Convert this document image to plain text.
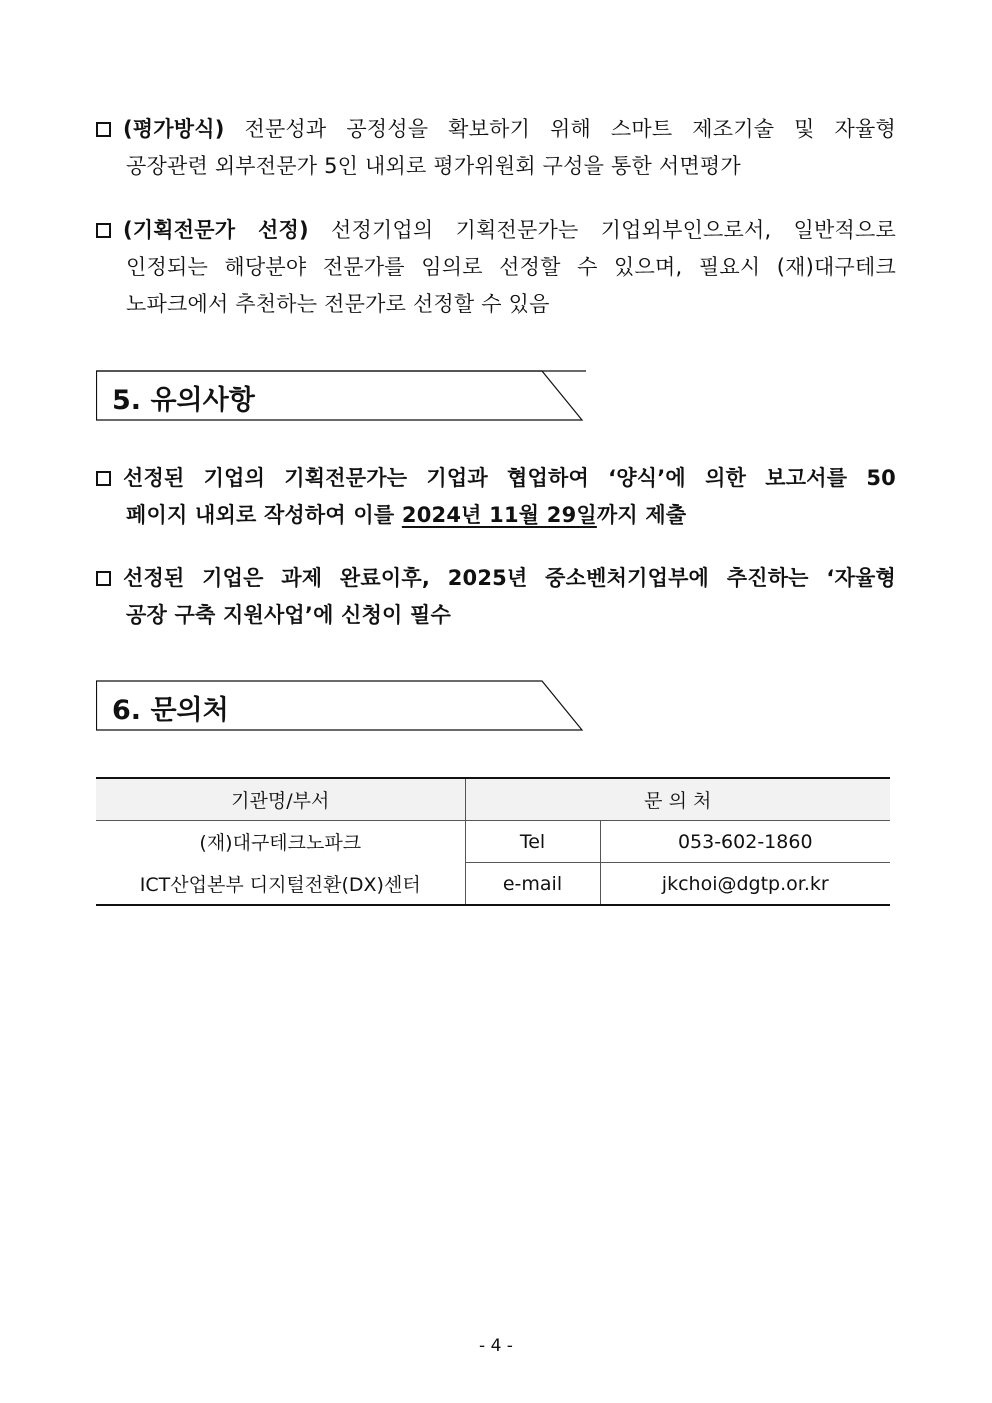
(평가방식) 전문성과 공정성을 확보하기 위해 스마트 제조기술 및 자율형
공장관련 외부전문가 5인 내외로 평가위원회 구성을 통한 서면평가
(기획전문가 선정) 선정기업의 기획전문가는 기업외부인으로서, 일반적으로
인정되는 해당분야 전문가를 임의로 선정할 수 있으며, 필요시 (재)대구테크
노파크에서 추천하는 전문가로 선정할 수 있음
5. 유의사항
선정된 기업의 기획전문가는 기업과 협업하여 ‘양식’에 의한 보고서를 50
페이지 내외로 작성하여 이를 2024년 11월 29일까지 제출
선정된 기업은 과제 완료이후, 2025년 중소벤처기업부에 추진하는 ‘자율형
공장 구축 지원사업’에 신청이 필수
6. 문의처
기관명/부서	문 의 처	
(재)대구테크노파크	Tel	053-602-1860
ICT산업본부 디지털전환(DX)센터	e-mail	jkchoi@dgtp.or.kr
- 4 -
